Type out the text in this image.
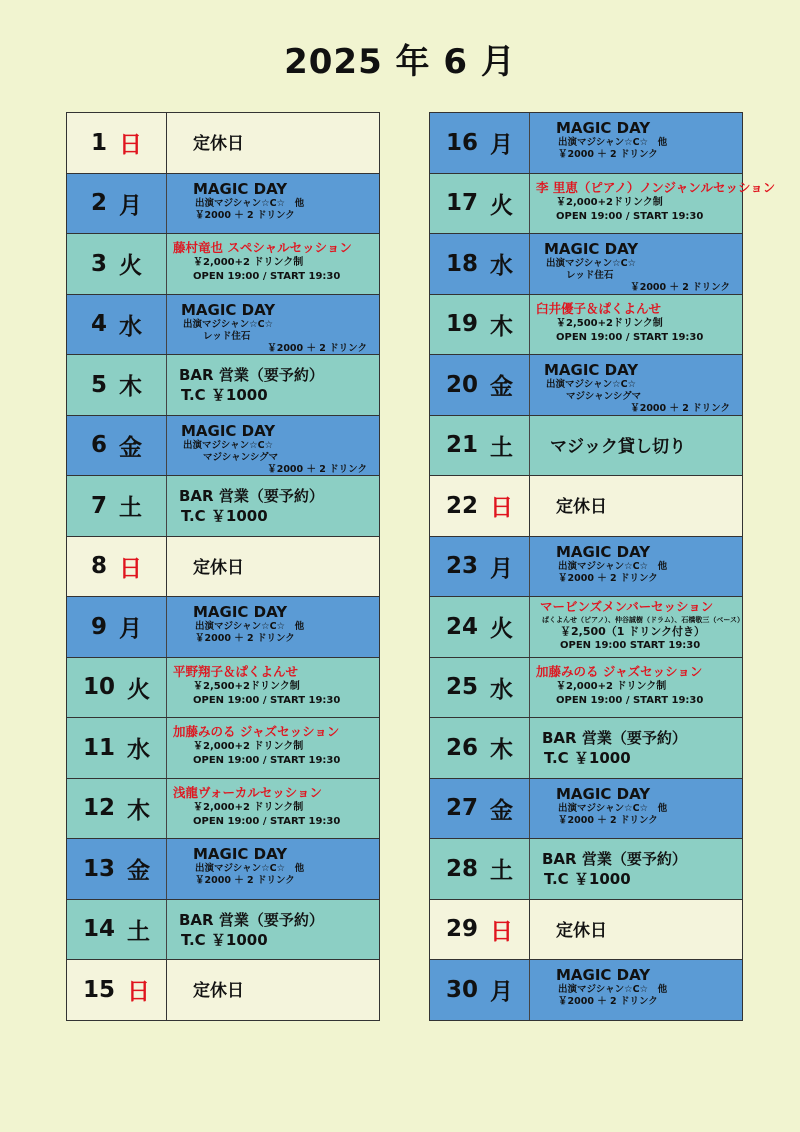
2025 年 6 月
1 日	定休日
2 月
MAGIC DAY
出演マジシャン☆C☆　他
￥2000 ＋ 2 ドリンク
3 火
藤村竜也 スペシャルセッション
￥2,000+2 ドリンク制
OPEN 19:00 / START 19:30
4 水
MAGIC DAY
出演マジシャン☆C☆
レッド住石
￥2000 ＋ 2 ドリンク
5 木 BAR 営業（要予約）
T.C ￥1000
6 金
MAGIC DAY
出演マジシャン☆C☆
マジシャンシグマ
￥2000 ＋ 2 ドリンク
7 土 BAR 営業（要予約）
T.C ￥1000
8 日	定休日
9 月
MAGIC DAY
出演マジシャン☆C☆　他
￥2000 ＋ 2 ドリンク
10 火
平野翔子＆ぱくよんせ
￥2,500+2ドリンク制
OPEN 19:00 / START 19:30
11 水
加藤みのる ジャズセッション
￥2,000+2 ドリンク制
OPEN 19:00 / START 19:30
12 木
浅龍ヴォーカルセッション
￥2,000+2 ドリンク制
OPEN 19:00 / START 19:30
13 金
MAGIC DAY
出演マジシャン☆C☆　他
￥2000 ＋ 2 ドリンク
14 土 BAR 営業（要予約）
T.C ￥1000
15 日	定休日
16 月
MAGIC DAY
出演マジシャン☆C☆　他
￥2000 ＋ 2 ドリンク
17 火
李 里恵（ピアノ）ノンジャンルセッション
￥2,000+2ドリンク制
OPEN 19:00 / START 19:30
18 水
MAGIC DAY
出演マジシャン☆C☆
レッド住石
￥2000 ＋ 2 ドリンク
19 木
臼井優子＆ぱくよんせ
￥2,500+2ドリンク制
OPEN 19:00 / START 19:30
20 金
MAGIC DAY
出演マジシャン☆C☆
マジシャンシグマ
￥2000 ＋ 2 ドリンク
21 土 マジック貸し切り
22 日	定休日
23 月
MAGIC DAY
出演マジシャン☆C☆　他
￥2000 ＋ 2 ドリンク
24 火
マービンズメンバーセッション
ぱくよんせ（ピアノ）、仲谷誠樹（ドラム）、石橋敬三（ベース）
￥2,500（1 ドリンク付き）
OPEN 19:00 START 19:30
25 水
加藤みのる ジャズセッション
￥2,000+2 ドリンク制
OPEN 19:00 / START 19:30
26 木 BAR 営業（要予約）
T.C ￥1000
27 金
MAGIC DAY
出演マジシャン☆C☆　他
￥2000 ＋ 2 ドリンク
28 土 BAR 営業（要予約）
T.C ￥1000
29 日	定休日
30 月
MAGIC DAY
出演マジシャン☆C☆　他
￥2000 ＋ 2 ドリンク
